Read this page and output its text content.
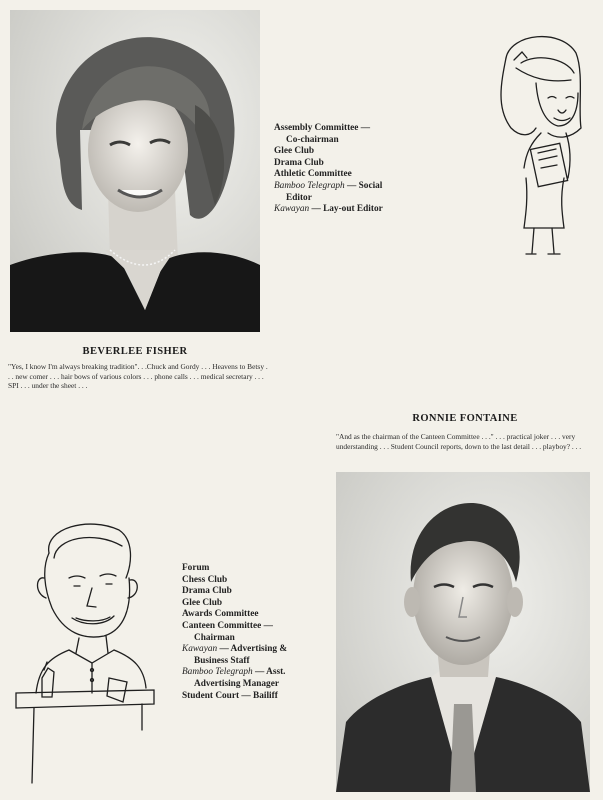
BEVERLEE FISHER
"Yes, I know I'm always breaking tradition". . .Chuck and Gordy . . . Heavens to Betsy . . . new comer . . . hair bows of various colors . . . phone calls . . . medical secretary . . . SPI . . . under the sheet . . .
Assembly Committee —
Co-chairman
Glee Club
Drama Club
Athletic Committee
Bamboo Telegraph — Social
Editor
Kawayan — Lay-out Editor
RONNIE FONTAINE
"And as the chairman of the Canteen Committee . . ." . . . practical joker . . . very understanding . . . Student Council reports, down to the last detail . . . playboy? . . .
Forum
Chess Club
Drama Club
Glee Club
Awards Committee
Canteen Committee —
Chairman
Kawayan — Advertising &
Business Staff
Bamboo Telegraph — Asst.
Advertising Manager
Student Court — Bailiff
